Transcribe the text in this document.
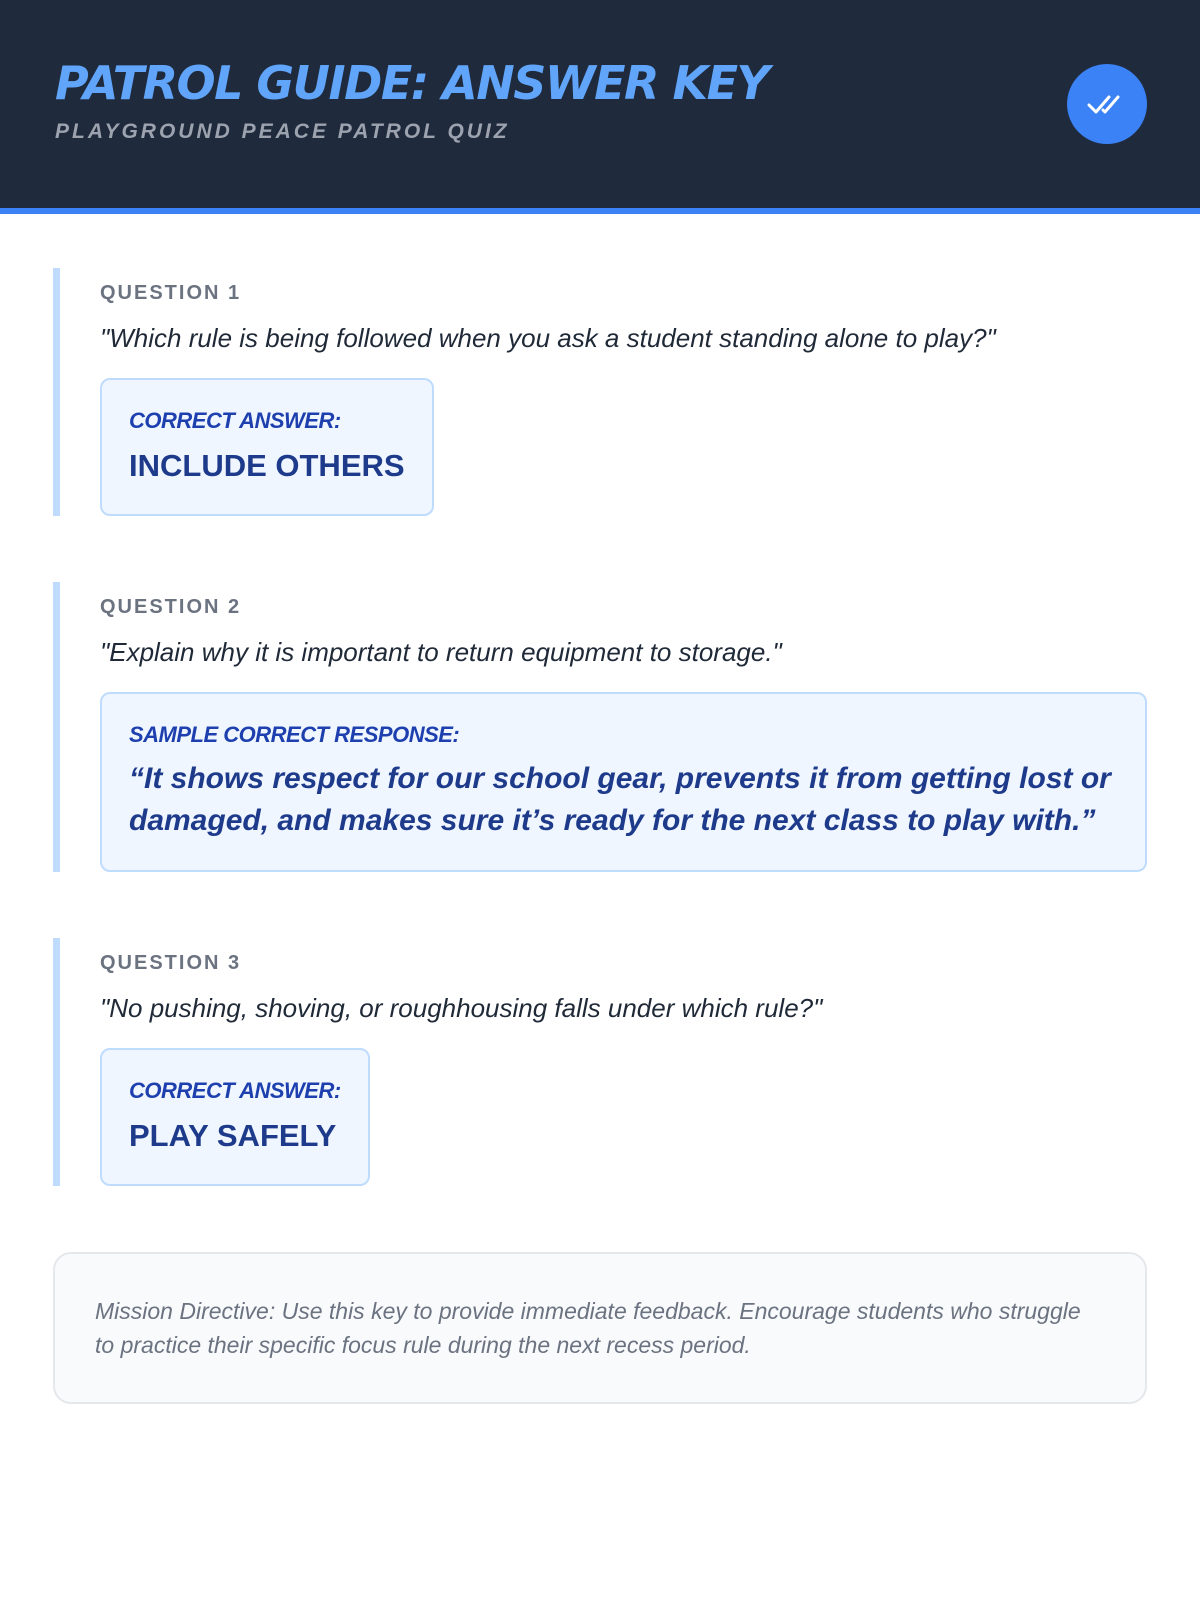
PATROL GUIDE: ANSWER KEY
PLAYGROUND PEACE PATROL QUIZ
QUESTION 1
"Which rule is being followed when you ask a student standing alone to play?"
CORRECT ANSWER:
INCLUDE OTHERS
QUESTION 2
"Explain why it is important to return equipment to storage."
SAMPLE CORRECT RESPONSE:
“It shows respect for our school gear, prevents it from getting lost or damaged, and makes sure it’s ready for the next class to play with.”
QUESTION 3
"No pushing, shoving, or roughhousing falls under which rule?"
CORRECT ANSWER:
PLAY SAFELY
Mission Directive: Use this key to provide immediate feedback. Encourage students who struggle to practice their specific focus rule during the next recess period.
